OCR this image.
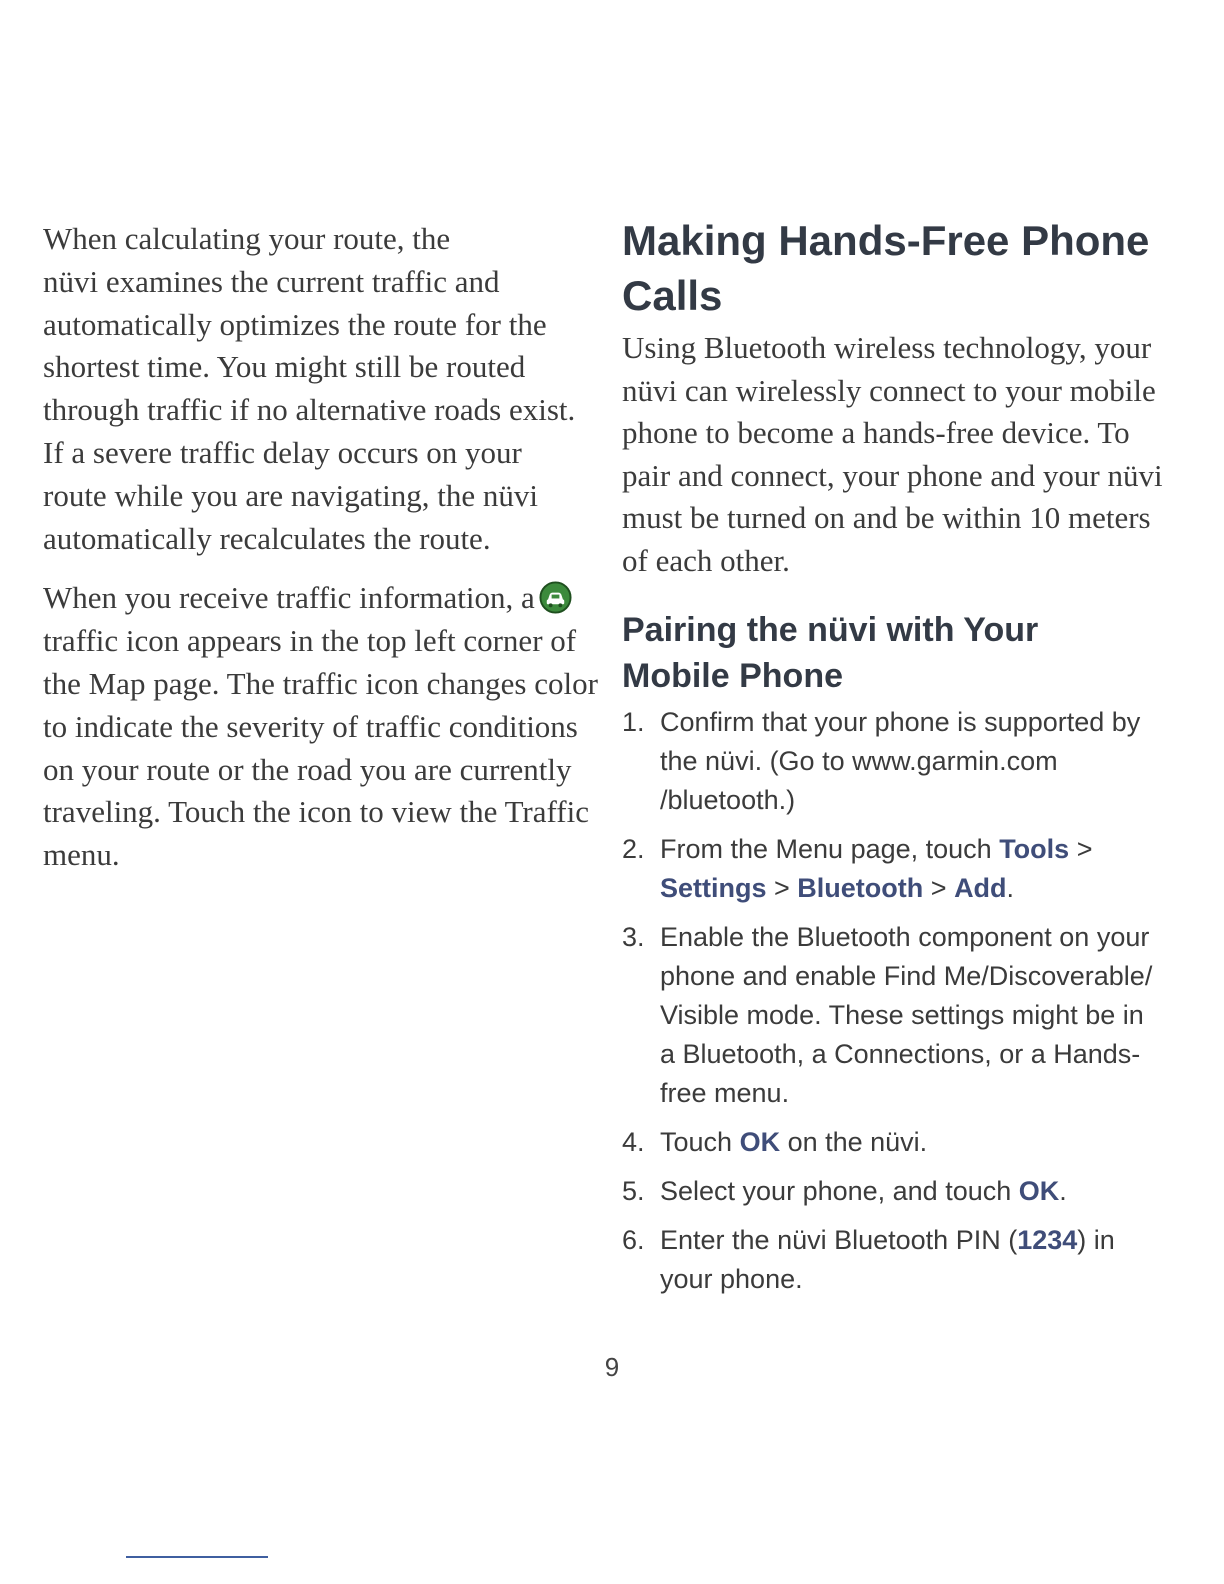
When calculating your route, the
nüvi examines the current traffic and
automatically optimizes the route for the
shortest time. You might still be routed
through traffic if no alternative roads exist.
If a severe traffic delay occurs on your
route while you are navigating, the nüvi
automatically recalculates the route.

When you receive traffic information, a
traffic icon appears in the top left corner of
the Map page. The traffic icon changes color
to indicate the severity of traffic conditions
on your route or the road you are currently
traveling. Touch the icon to view the Traffic
menu.

Making Hands-Free Phone
Calls

Using Bluetooth wireless technology, your
nüvi can wirelessly connect to your mobile
phone to become a hands-free device. To
pair and connect, your phone and your nüvi
must be turned on and be within 10 meters
of each other.

Pairing the nüvi with Your
Mobile Phone
1. Confirm that your phone is supported by
the nüvi. (Go to www.garmin.com
/bluetooth.)
2. From the Menu page, touch Tools >
Settings > Bluetooth > Add.
3. Enable the Bluetooth component on your
phone and enable Find Me/Discoverable/
Visible mode. These settings might be in
a Bluetooth, a Connections, or a Hands-
free menu.
4. Touch OK on the nüvi.
5. Select your phone, and touch OK.
6. Enter the nüvi Bluetooth PIN (1234) in
your phone.
9
